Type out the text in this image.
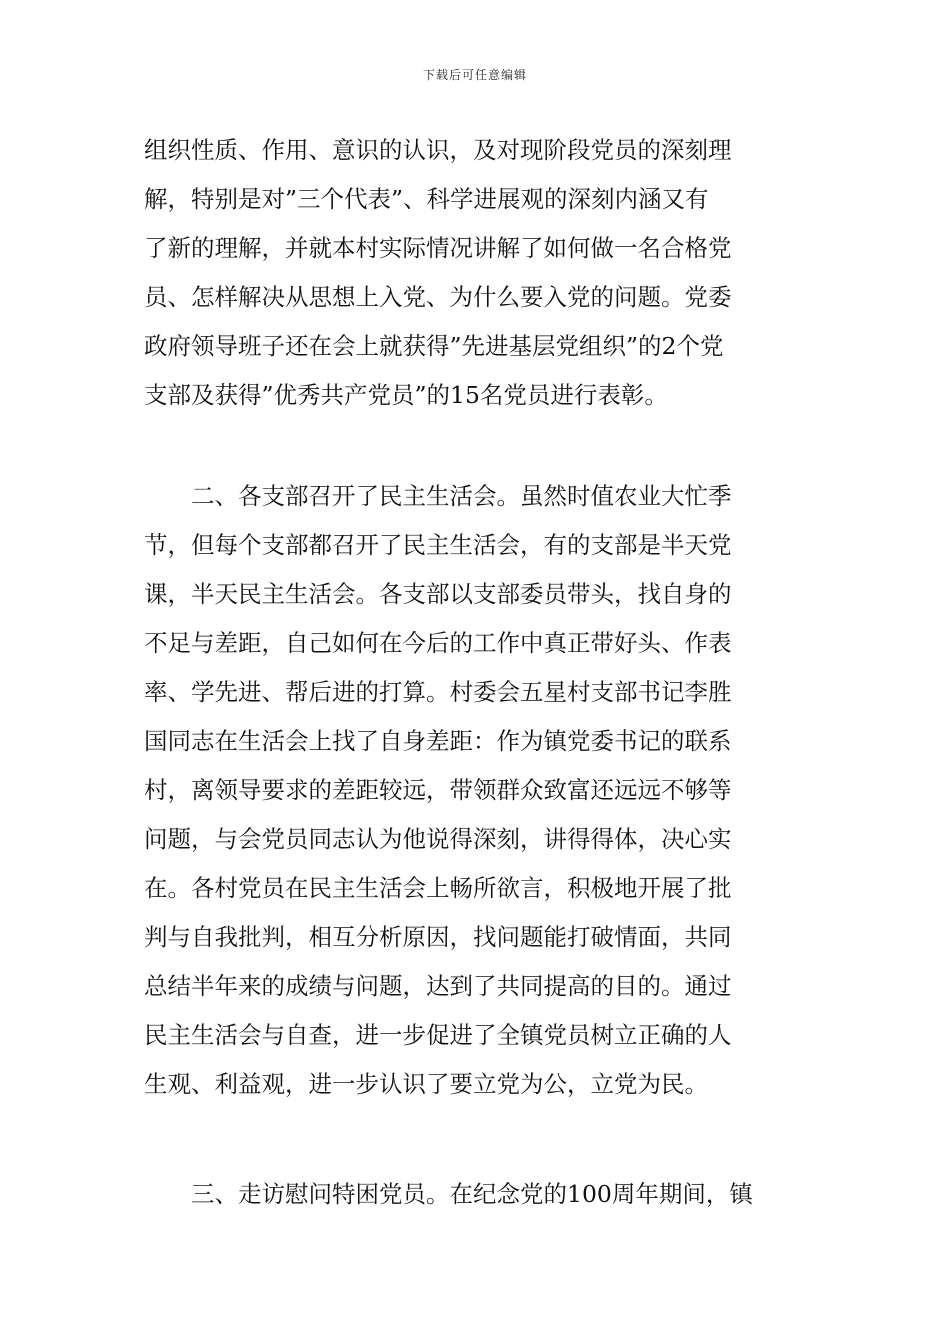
下载后可任意编辑
组织性质、作用、意识的认识，及对现阶段党员的深刻理
解，特别是对”三个代表”、科学进展观的深刻内涵又有
了新的理解，并就本村实际情况讲解了如何做一名合格党
员、怎样解决从思想上入党、为什么要入党的问题。党委
政府领导班子还在会上就获得”先进基层党组织”的2个党
支部及获得”优秀共产党员”的15名党员进行表彰。
二、各支部召开了民主生活会。虽然时值农业大忙季
节，但每个支部都召开了民主生活会，有的支部是半天党
课，半天民主生活会。各支部以支部委员带头，找自身的
不足与差距，自己如何在今后的工作中真正带好头、作表
率、学先进、帮后进的打算。村委会五星村支部书记李胜
国同志在生活会上找了自身差距：作为镇党委书记的联系
村，离领导要求的差距较远，带领群众致富还远远不够等
问题，与会党员同志认为他说得深刻，讲得得体，决心实
在。各村党员在民主生活会上畅所欲言，积极地开展了批
判与自我批判，相互分析原因，找问题能打破情面，共同
总结半年来的成绩与问题，达到了共同提高的目的。通过
民主生活会与自查，进一步促进了全镇党员树立正确的人
生观、利益观，进一步认识了要立党为公，立党为民。
三、走访慰问特困党员。在纪念党的100周年期间，镇
